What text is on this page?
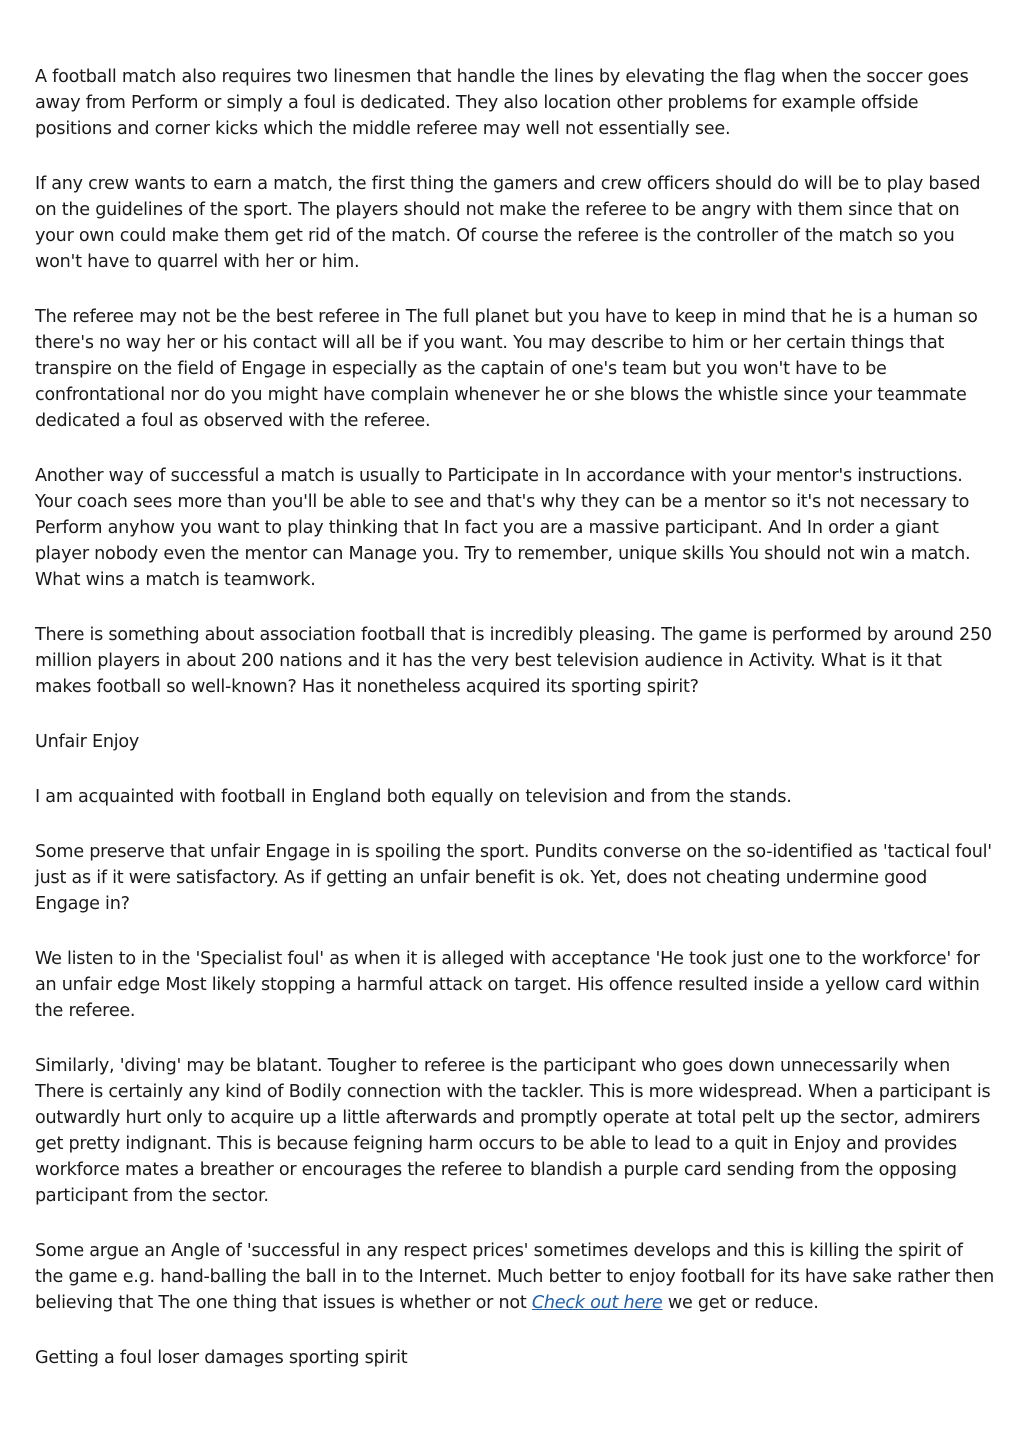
A football match also requires two linesmen that handle the lines by elevating the flag when the soccer goes away from Perform or simply a foul is dedicated. They also location other problems for example offside positions and corner kicks which the middle referee may well not essentially see.

If any crew wants to earn a match, the first thing the gamers and crew officers should do will be to play based on the guidelines of the sport. The players should not make the referee to be angry with them since that on your own could make them get rid of the match. Of course the referee is the controller of the match so you won't have to quarrel with her or him.

The referee may not be the best referee in The full planet but you have to keep in mind that he is a human so there's no way her or his contact will all be if you want. You may describe to him or her certain things that transpire on the field of Engage in especially as the captain of one's team but you won't have to be confrontational nor do you might have complain whenever he or she blows the whistle since your teammate dedicated a foul as observed with the referee.

Another way of successful a match is usually to Participate in In accordance with your mentor's instructions. Your coach sees more than you'll be able to see and that's why they can be a mentor so it's not necessary to Perform anyhow you want to play thinking that In fact you are a massive participant. And In order a giant player nobody even the mentor can Manage you. Try to remember, unique skills You should not win a match. What wins a match is teamwork.

There is something about association football that is incredibly pleasing. The game is performed by around 250 million players in about 200 nations and it has the very best television audience in Activity. What is it that makes football so well-known? Has it nonetheless acquired its sporting spirit?

Unfair Enjoy

I am acquainted with football in England both equally on television and from the stands.

Some preserve that unfair Engage in is spoiling the sport. Pundits converse on the so-identified as 'tactical foul' just as if it were satisfactory. As if getting an unfair benefit is ok. Yet, does not cheating undermine good Engage in?

We listen to in the 'Specialist foul' as when it is alleged with acceptance 'He took just one to the workforce' for an unfair edge Most likely stopping a harmful attack on target. His offence resulted inside a yellow card within the referee.

Similarly, 'diving' may be blatant. Tougher to referee is the participant who goes down unnecessarily when There is certainly any kind of Bodily connection with the tackler. This is more widespread. When a participant is outwardly hurt only to acquire up a little afterwards and promptly operate at total pelt up the sector, admirers get pretty indignant. This is because feigning harm occurs to be able to lead to a quit in Enjoy and provides workforce mates a breather or encourages the referee to blandish a purple card sending from the opposing participant from the sector.

Some argue an Angle of 'successful in any respect prices' sometimes develops and this is killing the spirit of the game e.g. hand-balling the ball in to the Internet. Much better to enjoy football for its have sake rather then believing that The one thing that issues is whether or not Check out here we get or reduce.

Getting a foul loser damages sporting spirit
